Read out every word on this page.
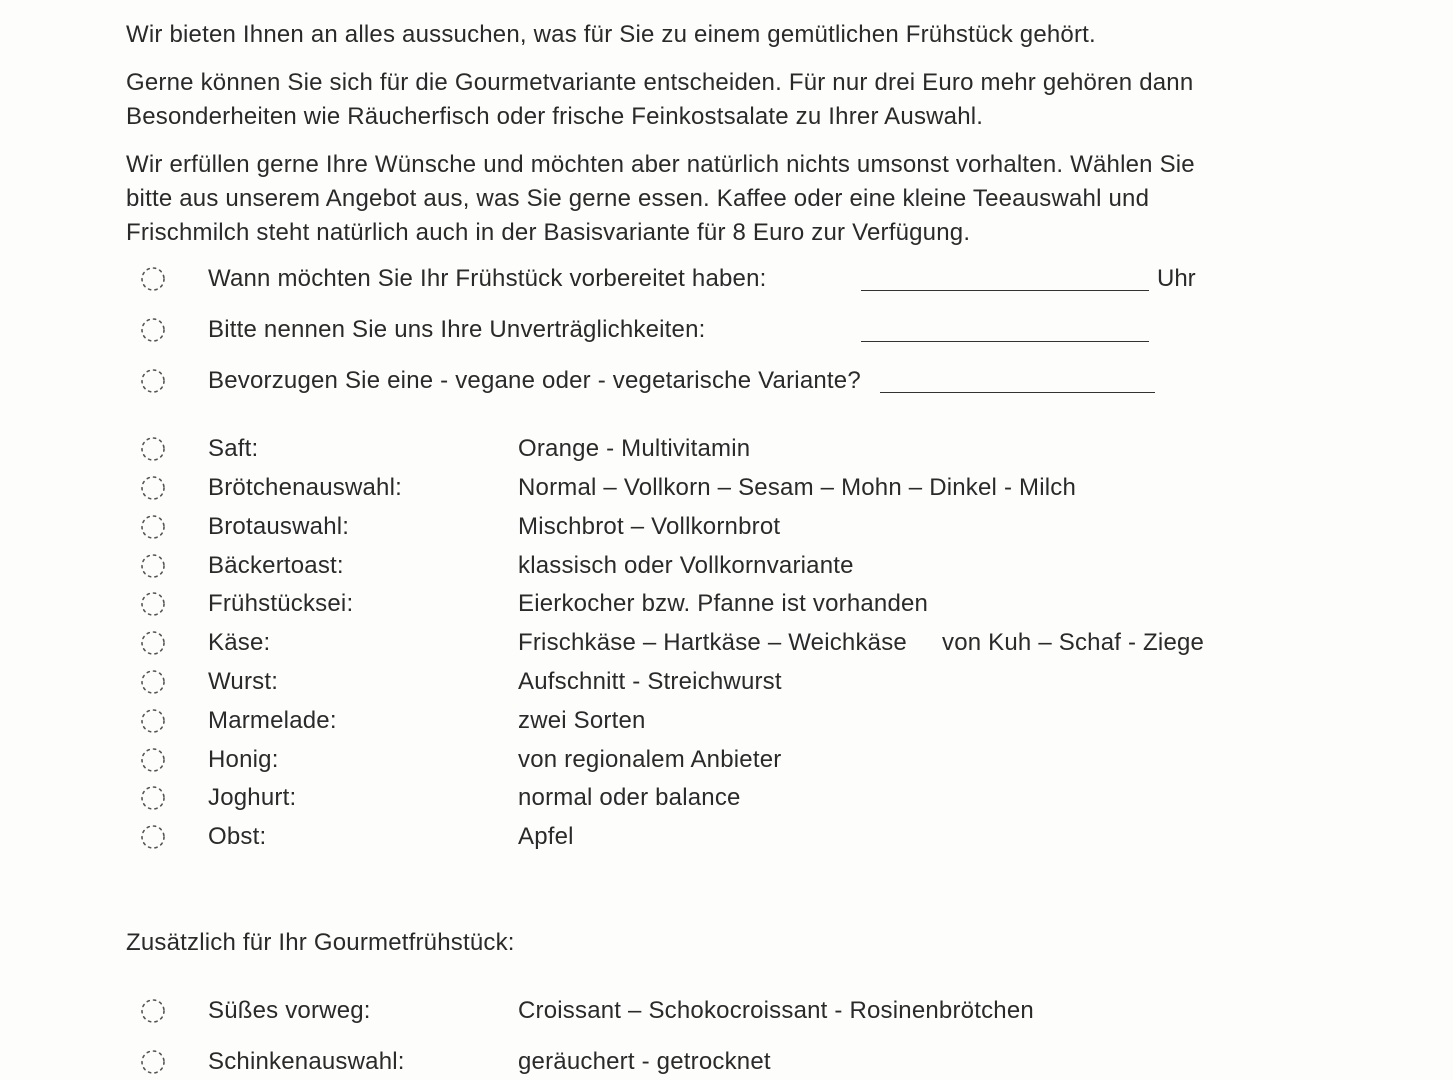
Wir bieten Ihnen an alles aussuchen, was für Sie zu einem gemütlichen Frühstück gehört.

Gerne können Sie sich für die Gourmetvariante entscheiden. Für nur drei Euro mehr gehören dann Besonderheiten wie Räucherfisch oder frische Feinkostsalate zu Ihrer Auswahl.

Wir erfüllen gerne Ihre Wünsche und möchten aber natürlich nichts umsonst vorhalten. Wählen Sie bitte aus unserem Angebot aus, was Sie gerne essen. Kaffee oder eine kleine Teeauswahl und Frischmilch steht natürlich auch in der Basisvariante für 8 Euro zur Verfügung.

Wann möchten Sie Ihr Frühstück vorbereitet haben:	Uhr
Bitte nennen Sie uns Ihre Unverträglichkeiten:
Bevorzugen Sie eine - vegane oder - vegetarische Variante?
Saft:	Orange - Multivitamin
Brötchenauswahl:	Normal – Vollkorn – Sesam – Mohn – Dinkel - Milch
Brotauswahl:	Mischbrot – Vollkornbrot
Bäckertoast:	klassisch oder Vollkornvariante
Frühstücksei:	Eierkocher bzw. Pfanne ist vorhanden
Käse:	Frischkäse – Hartkäse – Weichkäse von Kuh – Schaf - Ziege
Wurst:	Aufschnitt - Streichwurst
Marmelade:	zwei Sorten
Honig:	von regionalem Anbieter
Joghurt:	normal oder balance
Obst:	Apfel
Zusätzlich für Ihr Gourmetfrühstück:
Süßes vorweg:	Croissant – Schokocroissant - Rosinenbrötchen
Schinkenauswahl:	geräuchert - getrocknet
